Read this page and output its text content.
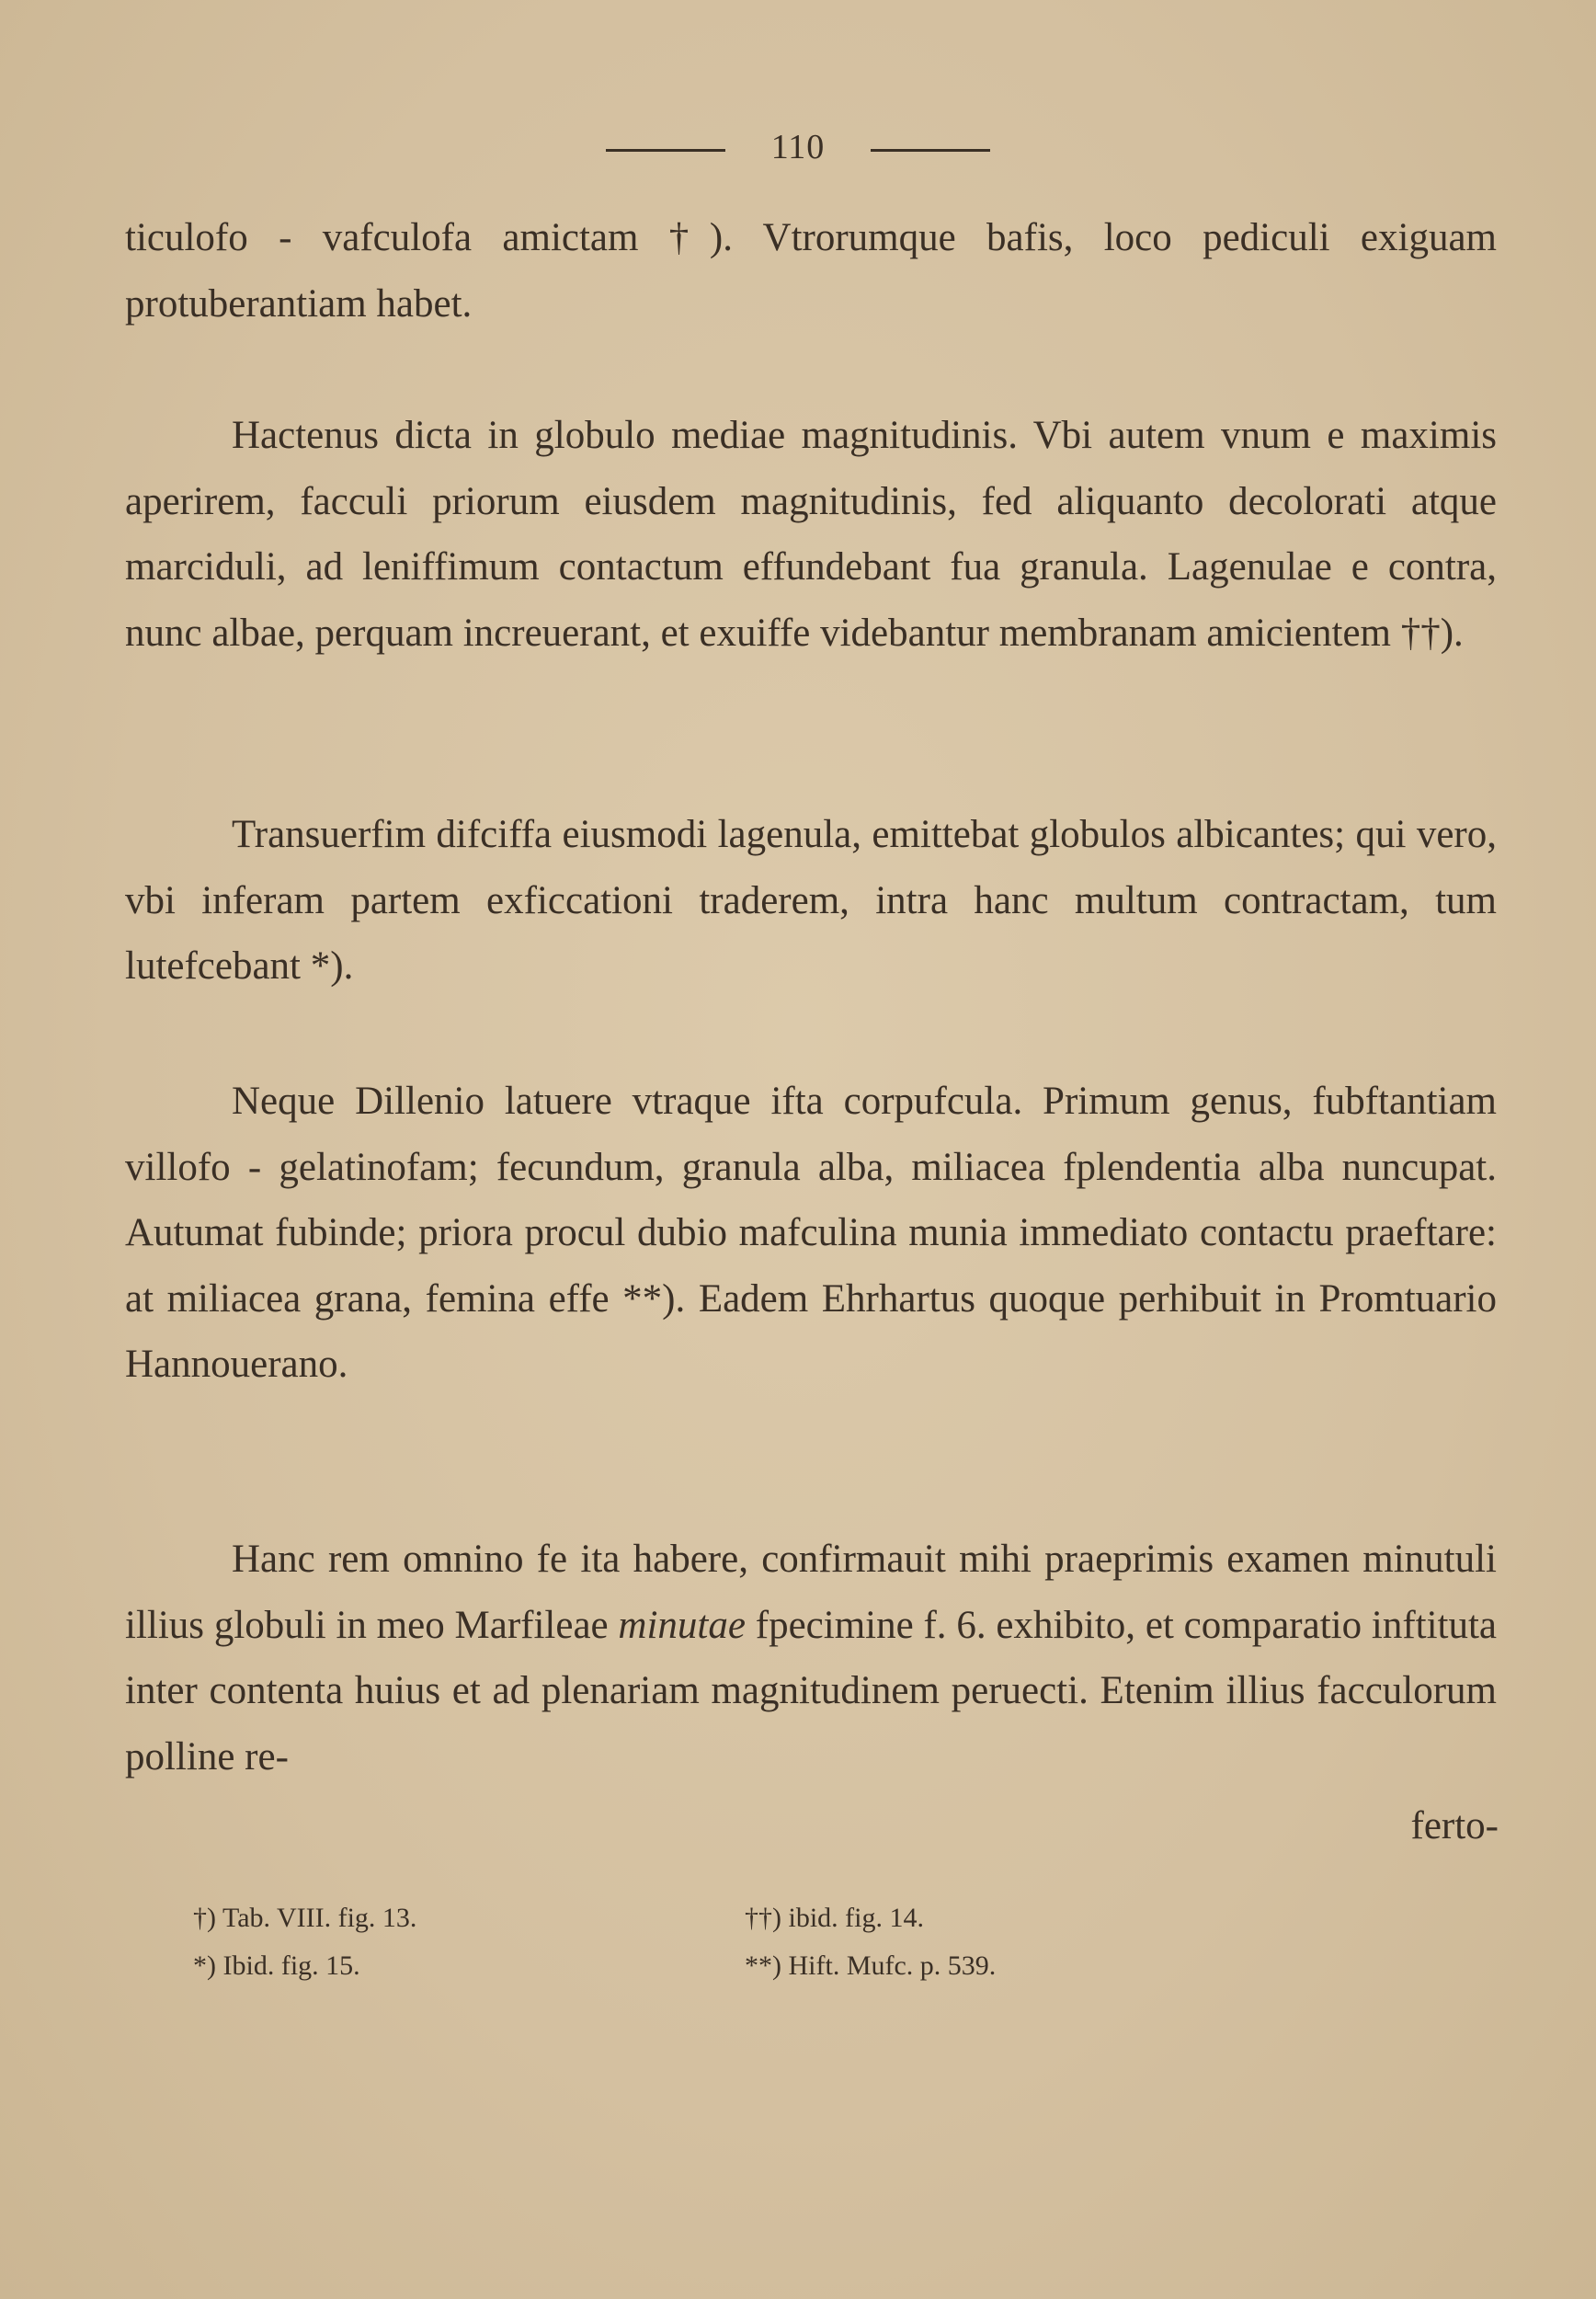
110

ticulofo - vafculofa amictam †). Vtrorumque bafis, loco pediculi exiguam protuberantiam habet.

Hactenus dicta in globulo mediae magnitudinis. Vbi autem vnum e maximis aperirem, facculi priorum eiusdem magnitudinis, fed aliquanto decolorati atque marciduli, ad leniffimum contactum effundebant fua granula. Lagenulae e contra, nunc albae, perquam increuerant, et exuiffe videbantur membranam amicientem ††).

Transuerfim difciffa eiusmodi lagenula, emittebat globulos albicantes; qui vero, vbi inferam partem exficcationi traderem, intra hanc multum contractam, tum lutefcebant *).

Neque Dillenio latuere vtraque ifta corpufcula. Primum genus, fubftantiam villofo - gelatinofam; fecundum, granula alba, miliacea fplendentia alba nuncupat. Autumat fubinde; priora procul dubio mafculina munia immediato contactu praeftare: at miliacea grana, femina effe **). Eadem Ehrhartus quoque perhibuit in Promtuario Hannouerano.

Hanc rem omnino fe ita habere, confirmauit mihi praeprimis examen minutuli illius globuli in meo Marfileae minutae fpecimine f. 6. exhibito, et comparatio inftituta inter contenta huius et ad plenariam magnitudinem peruecti. Etenim illius facculorum polline re-

ferto-
†) Tab. VIII. fig. 13.	††) ibid. fig. 14.
*) Ibid. fig. 15.	**) Hift. Mufc. p. 539.
